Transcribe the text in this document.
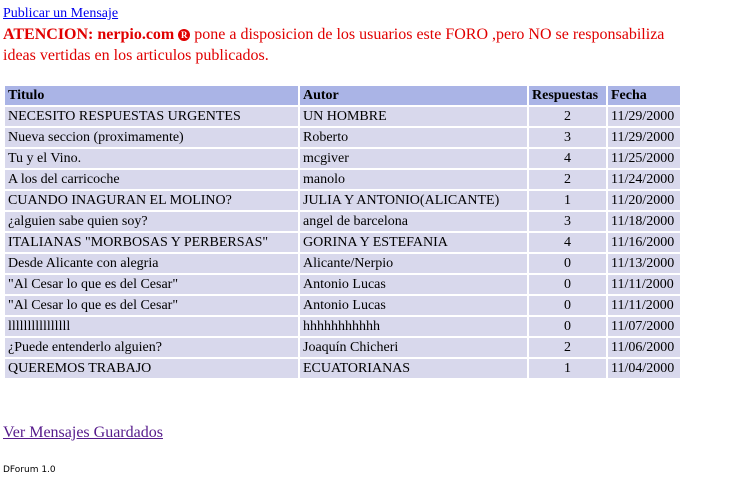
Publicar un Mensaje
ATENCION: nerpio.com R pone a disposicion de los usuarios este FORO ,pero NO se responsabiliza
ideas vertidas en los articulos publicados.
Titulo	Autor	Respuestas	Fecha
NECESITO RESPUESTAS URGENTES	UN HOMBRE	2	11/29/2000
Nueva seccion (proximamente)	Roberto	3	11/29/2000
Tu y el Vino.	mcgiver	4	11/25/2000
A los del carricoche	manolo	2	11/24/2000
CUANDO INAGURAN EL MOLINO?	JULIA Y ANTONIO(ALICANTE)	1	11/20/2000
¿alguien sabe quien soy?	angel de barcelona	3	11/18/2000
ITALIANAS "MORBOSAS Y PERBERSAS"	GORINA Y ESTEFANIA	4	11/16/2000
Desde Alicante con alegria	Alicante/Nerpio	0	11/13/2000
"Al Cesar lo que es del Cesar"	Antonio Lucas	0	11/11/2000
"Al Cesar lo que es del Cesar"	Antonio Lucas	0	11/11/2000
llllllllllllllll	hhhhhhhhhhh	0	11/07/2000
¿Puede entenderlo alguien?	Joaquín Chicheri	2	11/06/2000
QUEREMOS TRABAJO	ECUATORIANAS	1	11/04/2000
Ver Mensajes Guardados
DForum 1.0
